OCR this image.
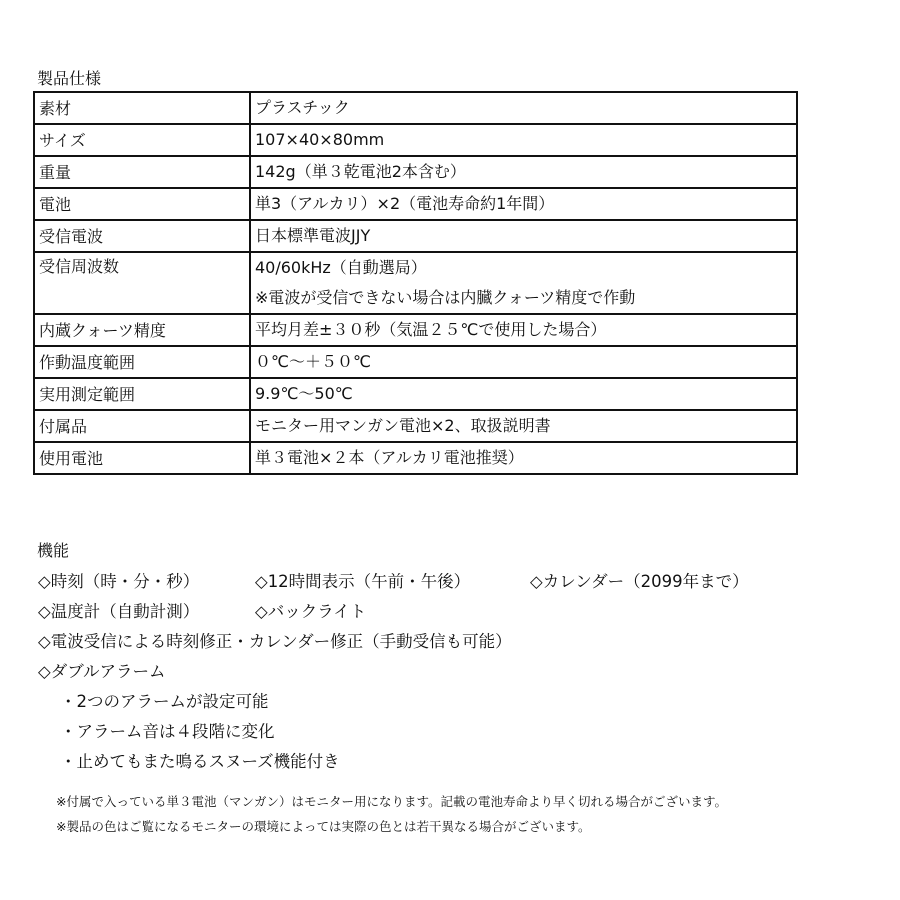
製品仕様
素材	プラスチック

サイズ	107×40×80mm

重量	142g（単３乾電池2本含む）

電池	単3（アルカリ）×2（電池寿命約1年間）

受信電波	日本標準電波JJY

受信周波数	40/60kHz（自動選局）
※電波が受信できない場合は内臓クォーツ精度で作動

内蔵クォーツ精度	平均月差±３０秒（気温２５℃で使用した場合）

作動温度範囲	０℃～＋５０℃

実用測定範囲	9.9℃～50℃

付属品	モニター用マンガン電池×2、取扱説明書

使用電池	単３電池×２本（アルカリ電池推奨）
機能
◇時刻（時・分・秒）	◇12時間表示（午前・午後）	◇カレンダー（2099年まで）
◇温度計（自動計測）	◇バックライト
◇電波受信による時刻修正・カレンダー修正（手動受信も可能）
◇ダブルアラーム
・2つのアラームが設定可能
・アラーム音は４段階に変化
・止めてもまた鳴るスヌーズ機能付き
※付属で入っている単３電池（マンガン）はモニター用になります。記載の電池寿命より早く切れる場合がございます。
※製品の色はご覧になるモニターの環境によっては実際の色とは若干異なる場合がございます。
